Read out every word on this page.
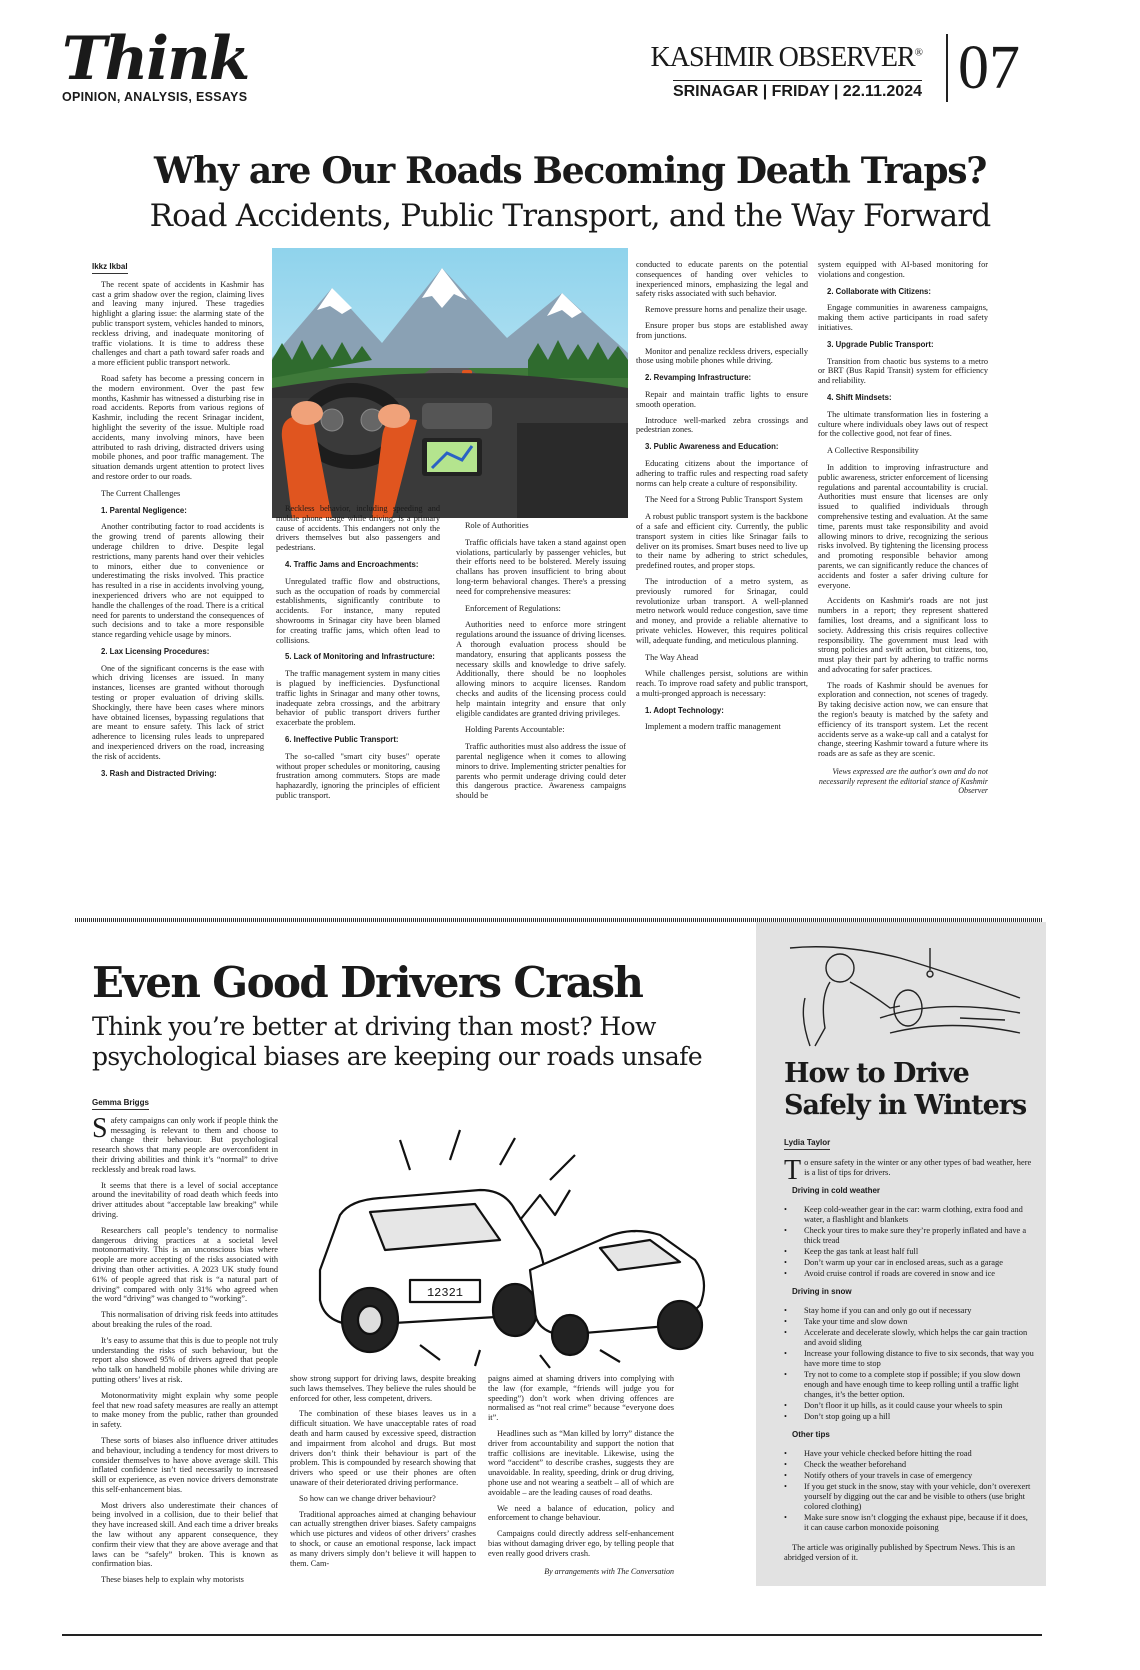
Think
OPINION, ANALYSIS, ESSAYS
KASHMIR OBSERVER®
SRINAGAR | FRIDAY | 22.11.2024 07
Why are Our Roads Becoming Death Traps?
Road Accidents, Public Transport, and the Way Forward
Ikkz Ikbal

The recent spate of accidents in Kashmir has cast a grim shadow over the region, claiming lives and leaving many injured. These tragedies highlight a glaring issue: the alarming state of the public transport system, vehicles handed to minors, reckless driving, and inadequate monitoring of traffic violations. It is time to address these challenges and chart a path toward safer roads and a more efficient public transport network.

Road safety has become a pressing concern in the modern environment. Over the past few months, Kashmir has witnessed a disturbing rise in road accidents. Reports from various regions of Kashmir, including the recent Srinagar incident, highlight the severity of the issue. Multiple road accidents, many involving minors, have been attributed to rash driving, distracted drivers using mobile phones, and poor traffic management. The situation demands urgent attention to protect lives and restore order to our roads.

The Current Challenges

1. Parental Negligence:

Another contributing factor to road accidents is the growing trend of parents allowing their underage children to drive. Despite legal restrictions, many parents hand over their vehicles to minors, either due to convenience or underestimating the risks involved. This practice has resulted in a rise in accidents involving young, inexperienced drivers who are not equipped to handle the challenges of the road. There is a critical need for parents to understand the consequences of such decisions and to take a more responsible stance regarding vehicle usage by minors.

2. Lax Licensing Procedures:

One of the significant concerns is the ease with which driving licenses are issued. In many instances, licenses are granted without thorough testing or proper evaluation of driving skills. Shockingly, there have been cases where minors have obtained licenses, bypassing regulations that are meant to ensure safety. This lack of strict adherence to licensing rules leads to unprepared and inexperienced drivers on the road, increasing the risk of accidents.

3. Rash and Distracted Driving:

Reckless behavior, including speeding and mobile phone usage while driving, is a primary cause of accidents. This endangers not only the drivers themselves but also passengers and pedestrians.

4. Traffic Jams and Encroachments:

Unregulated traffic flow and obstructions, such as the occupation of roads by commercial establishments, significantly contribute to accidents. For instance, many reputed showrooms in Srinagar city have been blamed for creating traffic jams, which often lead to collisions.

5. Lack of Monitoring and Infrastructure:

The traffic management system in many cities is plagued by inefficiencies. Dysfunctional traffic lights in Srinagar and many other towns, inadequate zebra crossings, and the arbitrary behavior of public transport drivers further exacerbate the problem.

6. Ineffective Public Transport:

The so-called "smart city buses" operate without proper schedules or monitoring, causing frustration among commuters. Stops are made haphazardly, ignoring the principles of efficient public transport.

Role of Authorities

Traffic officials have taken a stand against open violations, particularly by passenger vehicles, but their efforts need to be bolstered. Merely issuing challans has proven insufficient to bring about long-term behavioral changes. There's a pressing need for comprehensive measures:

Enforcement of Regulations:

Authorities need to enforce more stringent regulations around the issuance of driving licenses. A thorough evaluation process should be mandatory, ensuring that applicants possess the necessary skills and knowledge to drive safely. Additionally, there should be no loopholes allowing minors to acquire licenses. Random checks and audits of the licensing process could help maintain integrity and ensure that only eligible candidates are granted driving privileges.

Holding Parents Accountable:

Traffic authorities must also address the issue of parental negligence when it comes to allowing minors to drive. Implementing stricter penalties for parents who permit underage driving could deter this dangerous practice. Awareness campaigns should be

conducted to educate parents on the potential consequences of handing over vehicles to inexperienced minors, emphasizing the legal and safety risks associated with such behavior.

Remove pressure horns and penalize their usage.

Ensure proper bus stops are established away from junctions.

Monitor and penalize reckless drivers, especially those using mobile phones while driving.

2. Revamping Infrastructure:

Repair and maintain traffic lights to ensure smooth operation.

Introduce well-marked zebra crossings and pedestrian zones.

3. Public Awareness and Education:

Educating citizens about the importance of adhering to traffic rules and respecting road safety norms can help create a culture of responsibility.

The Need for a Strong Public Transport System

A robust public transport system is the backbone of a safe and efficient city. Currently, the public transport system in cities like Srinagar fails to deliver on its promises. Smart buses need to live up to their name by adhering to strict schedules, predefined routes, and proper stops.

The introduction of a metro system, as previously rumored for Srinagar, could revolutionize urban transport. A well-planned metro network would reduce congestion, save time and money, and provide a reliable alternative to private vehicles. However, this requires political will, adequate funding, and meticulous planning.

The Way Ahead

While challenges persist, solutions are within reach. To improve road safety and public transport, a multi-pronged approach is necessary:

1. Adopt Technology:

Implement a modern traffic management

system equipped with AI-based monitoring for violations and congestion.

2. Collaborate with Citizens:

Engage communities in awareness campaigns, making them active participants in road safety initiatives.

3. Upgrade Public Transport:

Transition from chaotic bus systems to a metro or BRT (Bus Rapid Transit) system for efficiency and reliability.

4. Shift Mindsets:

The ultimate transformation lies in fostering a culture where individuals obey laws out of respect for the collective good, not fear of fines.

A Collective Responsibility

In addition to improving infrastructure and public awareness, stricter enforcement of licensing regulations and parental accountability is crucial. Authorities must ensure that licenses are only issued to qualified individuals through comprehensive testing and evaluation. At the same time, parents must take responsibility and avoid allowing minors to drive, recognizing the serious risks involved. By tightening the licensing process and promoting responsible behavior among parents, we can significantly reduce the chances of accidents and foster a safer driving culture for everyone.

Accidents on Kashmir's roads are not just numbers in a report; they represent shattered families, lost dreams, and a significant loss to society. Addressing this crisis requires collective responsibility. The government must lead with strong policies and swift action, but citizens, too, must play their part by adhering to traffic norms and advocating for safer practices.

The roads of Kashmir should be avenues for exploration and connection, not scenes of tragedy. By taking decisive action now, we can ensure that the region's beauty is matched by the safety and efficiency of its transport system. Let the recent accidents serve as a wake-up call and a catalyst for change, steering Kashmir toward a future where its roads are as safe as they are scenic.

Views expressed are the author's own and do not necessarily represent the editorial stance of Kashmir Observer
Even Good Drivers Crash
Think you’re better at driving than most? How psychological biases are keeping our roads unsafe
Gemma Briggs

Safety campaigns can only work if people think the messaging is relevant to them and choose to change their behaviour. But psychological research shows that many people are overconfident in their driving abilities and think it’s “normal” to drive recklessly and break road laws.

It seems that there is a level of social acceptance around the inevitability of road death which feeds into driver attitudes about “acceptable law breaking” while driving.

Researchers call people’s tendency to normalise dangerous driving practices at a societal level motonormativity. This is an unconscious bias where people are more accepting of the risks associated with driving than other activities. A 2023 UK study found 61% of people agreed that risk is “a natural part of driving” compared with only 31% who agreed when the word “driving” was changed to “working”.

This normalisation of driving risk feeds into attitudes about breaking the rules of the road.

It’s easy to assume that this is due to people not truly understanding the risks of such behaviour, but the report also showed 95% of drivers agreed that people who talk on handheld mobile phones while driving are putting others’ lives at risk.

Motonormativity might explain why some people feel that new road safety measures are really an attempt to make money from the public, rather than grounded in safety.

These sorts of biases also influence driver attitudes and behaviour, including a tendency for most drivers to consider themselves to have above average skill. This inflated confidence isn’t tied necessarily to increased skill or experience, as even novice drivers demonstrate this self-enhancement bias.

Most drivers also underestimate their chances of being involved in a collision, due to their belief that they have increased skill. And each time a driver breaks the law without any apparent consequence, they confirm their view that they are above average and that laws can be “safely” broken. This is known as confirmation bias.

These biases help to explain why motorists

12321

show strong support for driving laws, despite breaking such laws themselves. They believe the rules should be enforced for other, less competent, drivers.

The combination of these biases leaves us in a difficult situation. We have unacceptable rates of road death and harm caused by excessive speed, distraction and impairment from alcohol and drugs. But most drivers don’t think their behaviour is part of the problem. This is compounded by research showing that drivers who speed or use their phones are often unaware of their deteriorated driving performance.

So how can we change driver behaviour?

Traditional approaches aimed at changing behaviour can actually strengthen driver biases. Safety campaigns which use pictures and videos of other drivers’ crashes to shock, or cause an emotional response, lack impact as many drivers simply don’t believe it will happen to them. Cam-

paigns aimed at shaming drivers into complying with the law (for example, “friends will judge you for speeding”) don’t work when driving offences are normalised as “not real crime” because “everyone does it”.

Headlines such as “Man killed by lorry” distance the driver from accountability and support the notion that traffic collisions are inevitable. Likewise, using the word “accident” to describe crashes, suggests they are unavoidable. In reality, speeding, drink or drug driving, phone use and not wearing a seatbelt – all of which are avoidable – are the leading causes of road deaths.

We need a balance of education, policy and enforcement to change behaviour.

Campaigns could directly address self-enhancement bias without damaging driver ego, by telling people that even really good drivers crash.

By arrangements with The Conversation
How to Drive
Safely in Winters
Lydia Taylor

To ensure safety in the winter or any other types of bad weather, here is a list of tips for drivers.

Driving in cold weather
• Keep cold-weather gear in the car: warm clothing, extra food and water, a flashlight and blankets
• Check your tires to make sure they’re properly inflated and have a thick tread
• Keep the gas tank at least half full
• Don’t warm up your car in enclosed areas, such as a garage
• Avoid cruise control if roads are covered in snow and ice
Driving in snow
• Stay home if you can and only go out if necessary
• Take your time and slow down
• Accelerate and decelerate slowly, which helps the car gain traction and avoid sliding
• Increase your following distance to five to six seconds, that way you have more time to stop
• Try not to come to a complete stop if possible; if you slow down enough and have enough time to keep rolling until a traffic light changes, it’s the better option.
• Don’t floor it up hills, as it could cause your wheels to spin
• Don’t stop going up a hill
Other tips
• Have your vehicle checked before hitting the road
• Check the weather beforehand
• Notify others of your travels in case of emergency
• If you get stuck in the snow, stay with your vehicle, don’t overexert yourself by digging out the car and be visible to others (use bright colored clothing)
• Make sure snow isn’t clogging the exhaust pipe, because if it does, it can cause carbon monoxide poisoning

The article was originally published by Spectrum News. This is an abridged version of it.
